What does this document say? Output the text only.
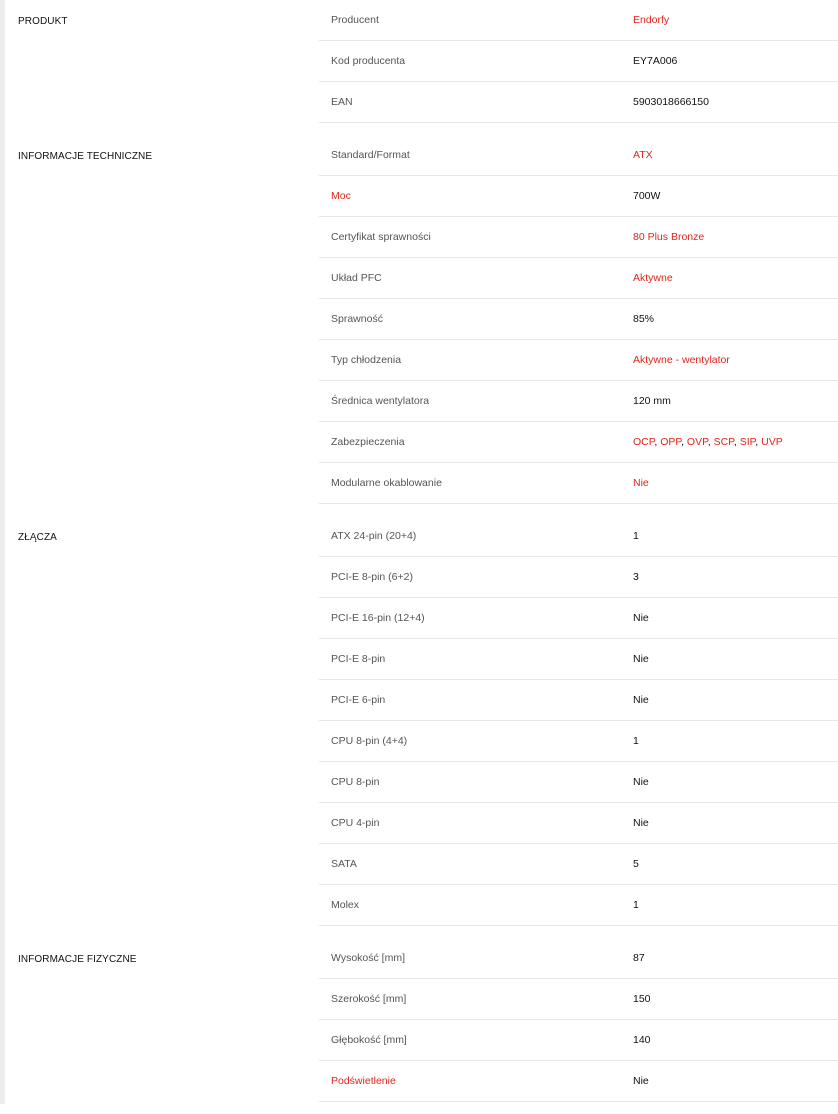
PRODUKT	Producent	Endorfy
Kod producenta	EY7A006
EAN	5903018666150
INFORMACJE TECHNICZNE	Standard/Format	ATX
Moc	700W
Certyfikat sprawności	80 Plus Bronze
Układ PFC	Aktywne
Sprawność	85%
Typ chłodzenia	Aktywne - wentylator
Średnica wentylatora	120 mm
Zabezpieczenia	OCP, OPP, OVP, SCP, SIP, UVP
Modularne okablowanie	Nie
ZŁĄCZA	ATX 24-pin (20+4)	1
PCI-E 8-pin (6+2)	3
PCI-E 16-pin (12+4)	Nie
PCI-E 8-pin	Nie
PCI-E 6-pin	Nie
CPU 8-pin (4+4)	1
CPU 8-pin	Nie
CPU 4-pin	Nie
SATA	5
Molex	1
INFORMACJE FIZYCZNE	Wysokość [mm]	87
Szerokość [mm]	150
Głębokość [mm]	140
Podświetlenie	Nie
